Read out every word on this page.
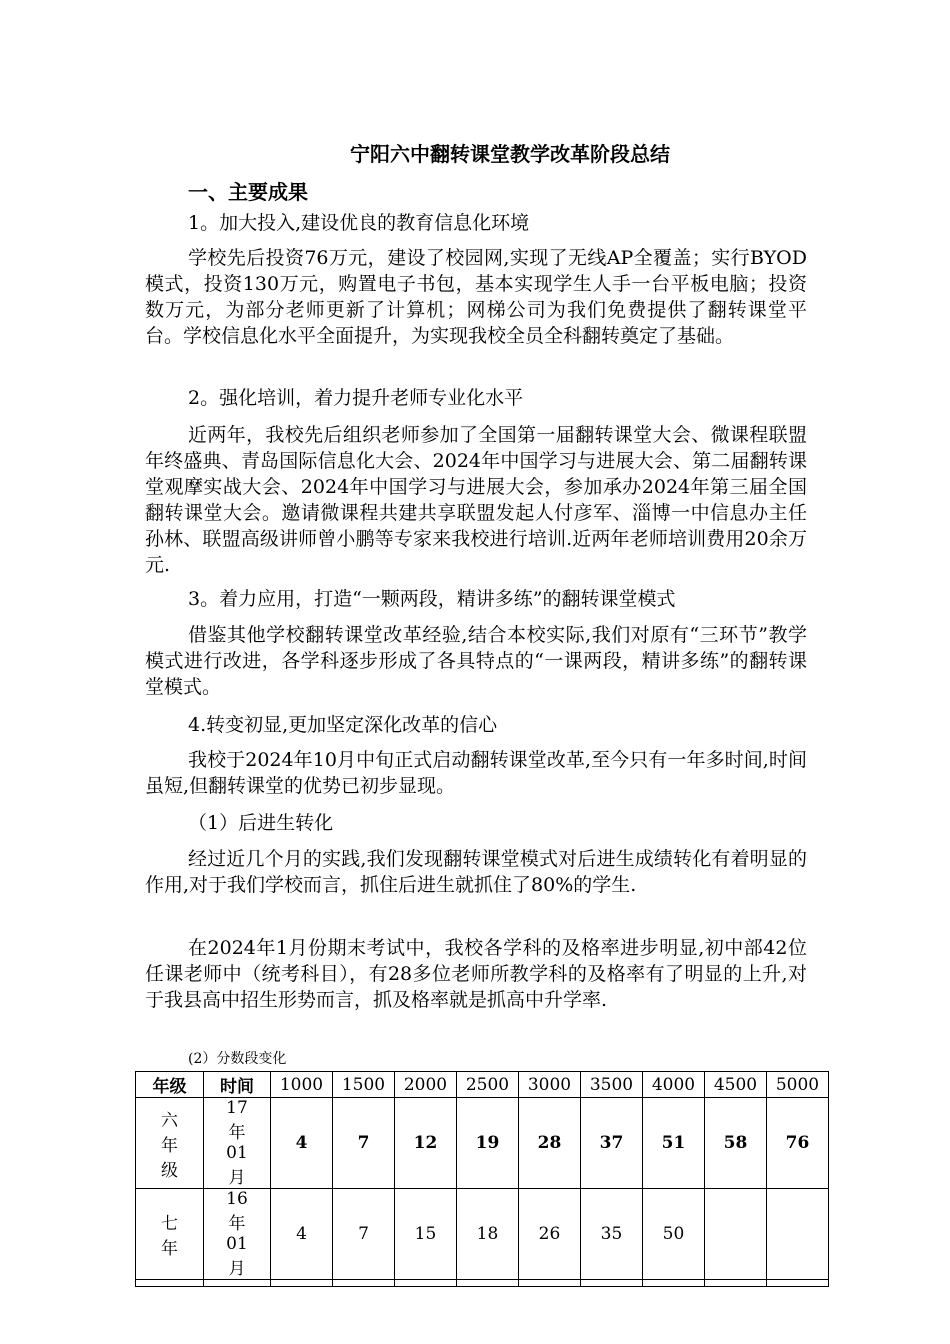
宁阳六中翻转课堂教学改革阶段总结
一、主要成果
1。加大投入,建设优良的教育信息化环境
学校先后投资76万元，建设了校园网,实现了无线AP全覆盖；实行BYOD模式，投资130万元，购置电子书包，基本实现学生人手一台平板电脑；投资数万元，为部分老师更新了计算机；网梯公司为我们免费提供了翻转课堂平台。学校信息化水平全面提升，为实现我校全员全科翻转奠定了基础。
2。强化培训，着力提升老师专业化水平
近两年，我校先后组织老师参加了全国第一届翻转课堂大会、微课程联盟年终盛典、青岛国际信息化大会、2024年中国学习与进展大会、第二届翻转课堂观摩实战大会、2024年中国学习与进展大会，参加承办2024年第三届全国翻转课堂大会。邀请微课程共建共享联盟发起人付彦军、淄博一中信息办主任孙林、联盟高级讲师曾小鹏等专家来我校进行培训.近两年老师培训费用20余万元.
3。着力应用，打造“一颗两段，精讲多练”的翻转课堂模式
借鉴其他学校翻转课堂改革经验,结合本校实际,我们对原有“三环节”教学模式进行改进，各学科逐步形成了各具特点的“一课两段，精讲多练”的翻转课堂模式。
4.转变初显,更加坚定深化改革的信心
我校于2024年10月中旬正式启动翻转课堂改革,至今只有一年多时间,时间虽短,但翻转课堂的优势已初步显现。
（1）后进生转化
经过近几个月的实践,我们发现翻转课堂模式对后进生成绩转化有着明显的作用,对于我们学校而言，抓住后进生就抓住了80%的学生.
在2024年1月份期末考试中，我校各学科的及格率进步明显,初中部42位任课老师中（统考科目），有28多位老师所教学科的及格率有了明显的上升,对于我县高中招生形势而言，抓及格率就是抓高中升学率.
(2）分数段变化
年级	时间	1000	1500	2000	2500	3000	3500	4000	4500	5000
六年级	17年01月	4	7	12	19	28	37	51	58	76
七年	16年01月	4	7	15	18	26	35	50		
